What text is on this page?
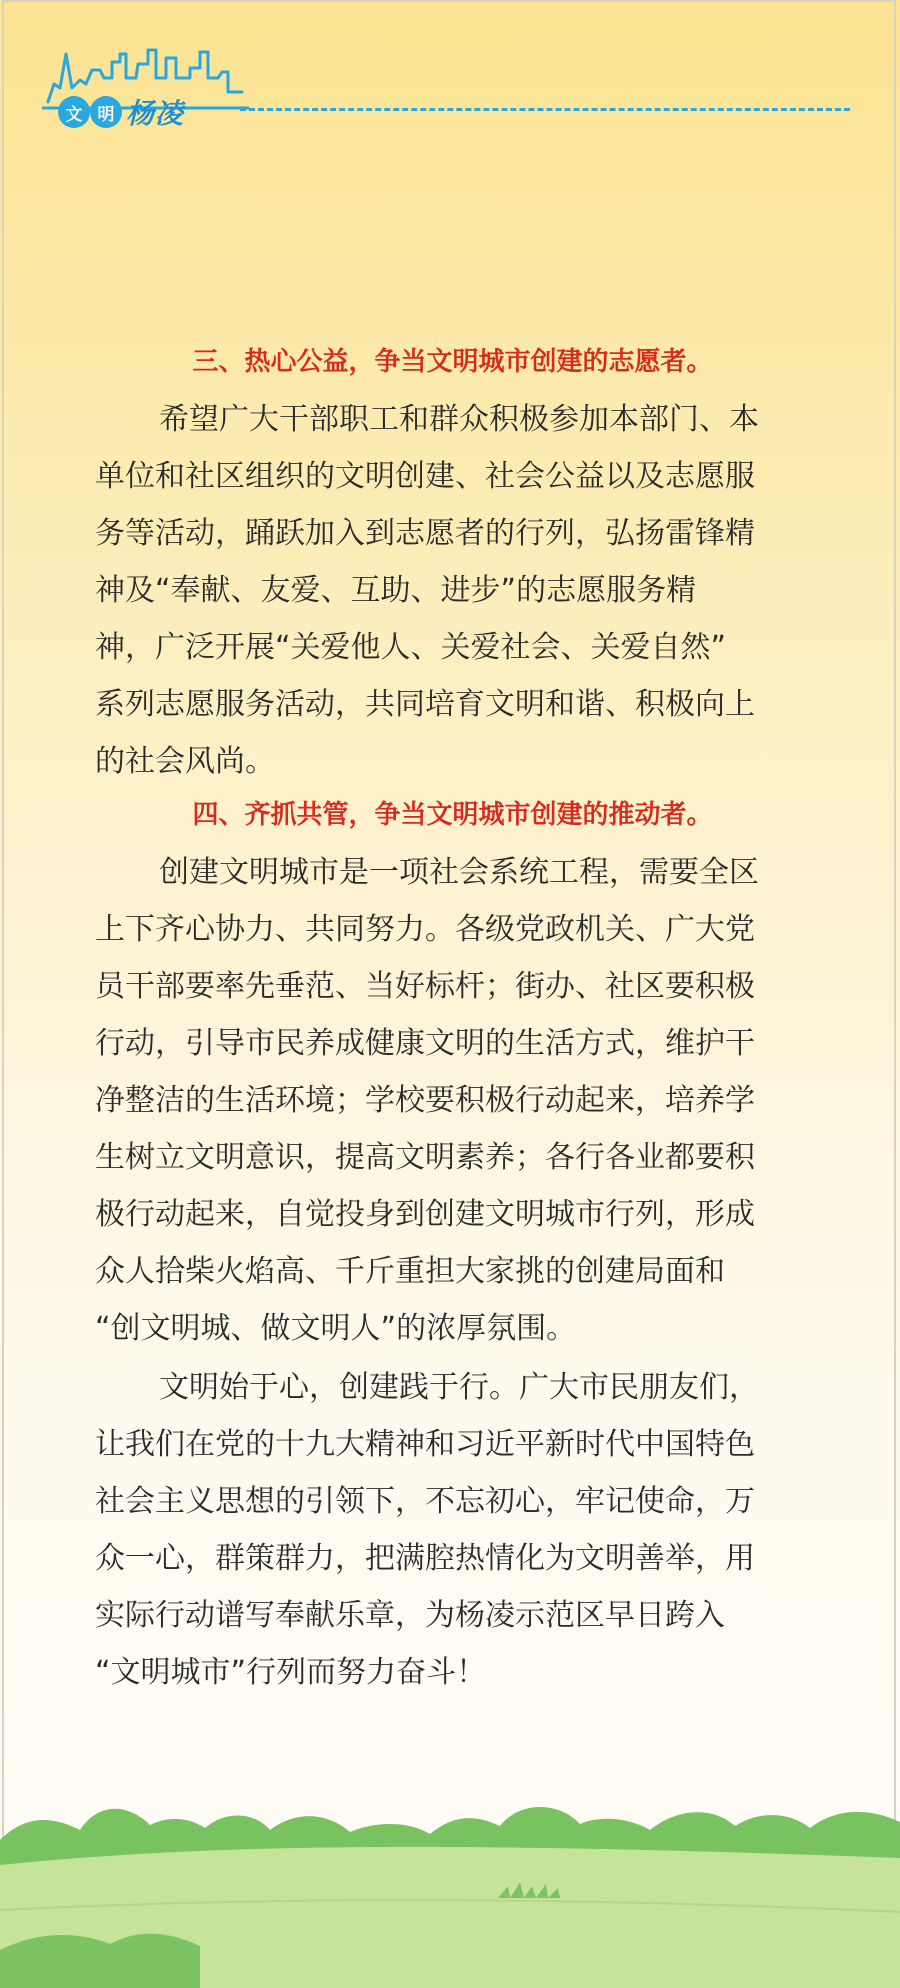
文 明 杨凌
三、热心公益，争当文明城市创建的志愿者。
希望广大干部职工和群众积极参加本部门、本
单位和社区组织的文明创建、社会公益以及志愿服
务等活动，踊跃加入到志愿者的行列，弘扬雷锋精
神及“奉献、友爱、互助、进步”的志愿服务精
神，广泛开展“关爱他人、关爱社会、关爱自然”
系列志愿服务活动，共同培育文明和谐、积极向上
的社会风尚。
四、齐抓共管，争当文明城市创建的推动者。
创建文明城市是一项社会系统工程，需要全区
上下齐心协力、共同努力。各级党政机关、广大党
员干部要率先垂范、当好标杆；街办、社区要积极
行动，引导市民养成健康文明的生活方式，维护干
净整洁的生活环境；学校要积极行动起来，培养学
生树立文明意识，提高文明素养；各行各业都要积
极行动起来，自觉投身到创建文明城市行列，形成
众人拾柴火焰高、千斤重担大家挑的创建局面和
“创文明城、做文明人”的浓厚氛围。
文明始于心，创建践于行。广大市民朋友们，
让我们在党的十九大精神和习近平新时代中国特色
社会主义思想的引领下，不忘初心，牢记使命，万
众一心，群策群力，把满腔热情化为文明善举，用
实际行动谱写奉献乐章，为杨凌示范区早日跨入
“文明城市”行列而努力奋斗！
